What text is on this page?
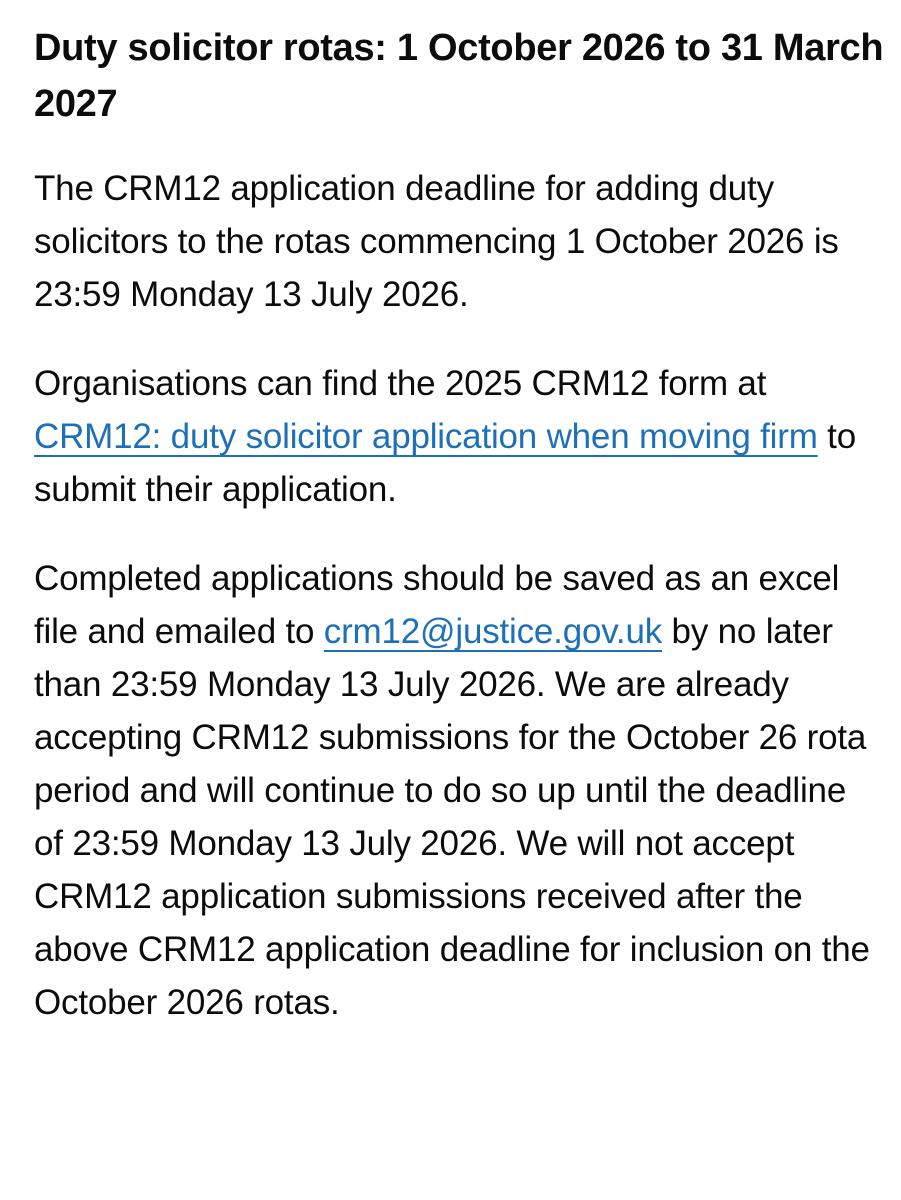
Duty solicitor rotas: 1 October 2026 to 31 March 2027

The CRM12 application deadline for adding duty solicitors to the rotas commencing 1 October 2026 is 23:59 Monday 13 July 2026.

Organisations can find the 2025 CRM12 form at CRM12: duty solicitor application when moving firm to submit their application.

Completed applications should be saved as an excel file and emailed to crm12@justice.gov.uk by no later than 23:59 Monday 13 July 2026. We are already accepting CRM12 submissions for the October 26 rota period and will continue to do so up until the deadline of 23:59 Monday 13 July 2026. We will not accept CRM12 application submissions received after the above CRM12 application deadline for inclusion on the October 2026 rotas.
